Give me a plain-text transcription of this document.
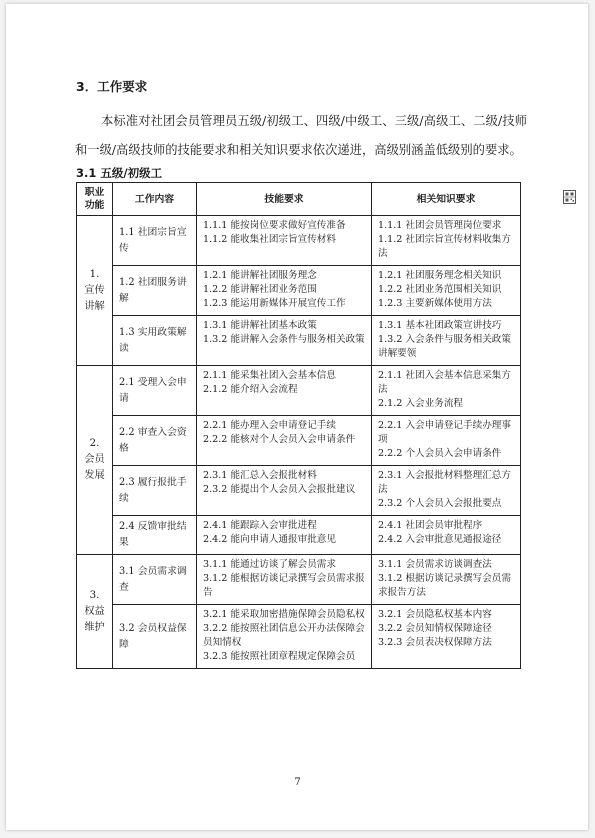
3．工作要求
本标准对社团会员管理员五级/初级工、四级/中级工、三级/高级工、二级/技师和一级/高级技师的技能要求和相关知识要求依次递进，高级别涵盖低级别的要求。
3.1 五级/初级工
职业功能	工作内容	技能要求	相关知识要求

1.
宣传
讲解	1.1 社团宗旨宣传	1.1.1 能按岗位要求做好宣传准备
1.1.2 能收集社团宗旨宣传材料	1.1.1 社团会员管理岗位要求
1.1.2 社团宗旨宣传材料收集方法

	1.2 社团服务讲解	1.2.1 能讲解社团服务理念
1.2.2 能讲解社团业务范围
1.2.3 能运用新媒体开展宣传工作	1.2.1 社团服务理念相关知识
1.2.2 社团业务范围相关知识
1.2.3 主要新媒体使用方法

	1.3 实用政策解读	1.3.1 能讲解社团基本政策
1.3.2 能讲解入会条件与服务相关政策	1.3.1 基本社团政策宣讲技巧
1.3.2 入会条件与服务相关政策讲解要领

2.
会员
发展	2.1 受理入会申请	2.1.1 能采集社团入会基本信息
2.1.2 能介绍入会流程	2.1.1 社团入会基本信息采集方法
2.1.2 入会业务流程

	2.2 审查入会资格	2.2.1 能办理入会申请登记手续
2.2.2 能核对个人会员入会申请条件	2.2.1 入会申请登记手续办理事项
2.2.2 个人会员入会申请条件

	2.3 履行报批手续	2.3.1 能汇总入会报批材料
2.3.2 能提出个人会员入会报批建议	2.3.1 入会报批材料整理汇总方法
2.3.2 个人会员入会报批要点

	2.4 反馈审批结果	2.4.1 能跟踪入会审批进程
2.4.2 能向申请人通报审批意见	2.4.1 社团会员审批程序
2.4.2 入会审批意见通报途径

3.
权益
维护	3.1 会员需求调查	3.1.1 能通过访谈了解会员需求
3.1.2 能根据访谈记录撰写会员需求报告	3.1.1 会员需求访谈调查法
3.1.2 根据访谈记录撰写会员需求报告方法

	3.2 会员权益保障	3.2.1 能采取加密措施保障会员隐私权
3.2.2 能按照社团信息公开办法保障会员知情权
3.2.3 能按照社团章程规定保障会员	3.2.1 会员隐私权基本内容
3.2.2 会员知情权保障途径
3.2.3 会员表决权保障方法
7
